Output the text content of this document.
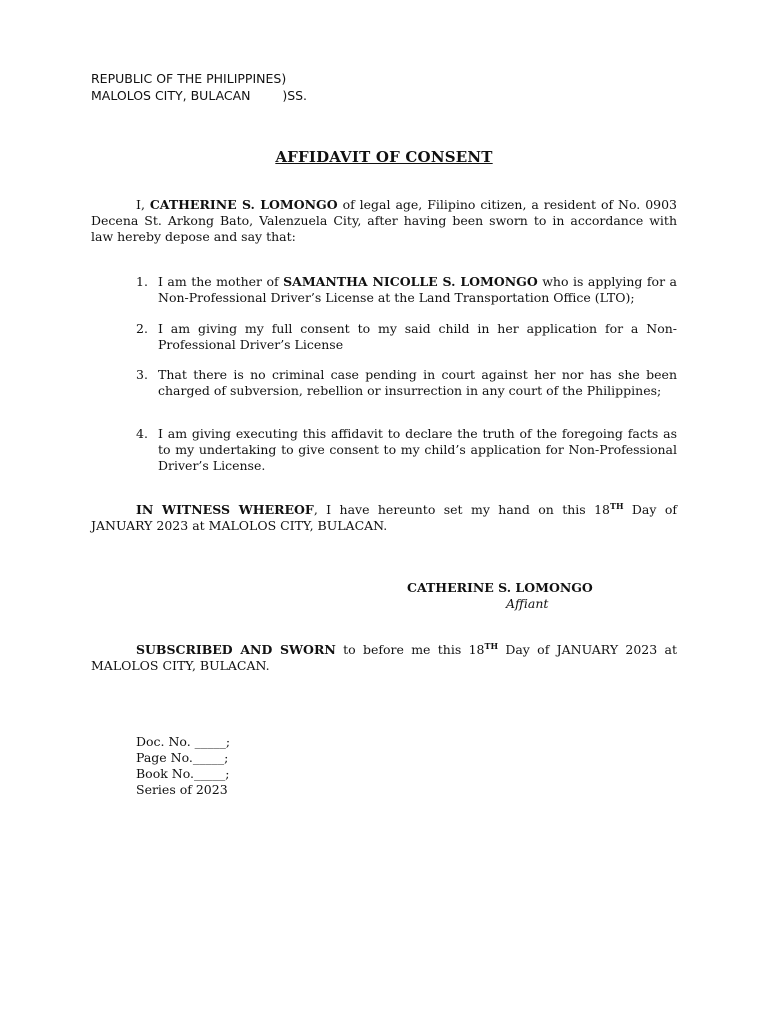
REPUBLIC OF THE PHILIPPINES)
MALOLOS CITY, BULACAN        )SS.
AFFIDAVIT OF CONSENT
I, CATHERINE S. LOMONGO of legal age, Filipino citizen, a resident of No. 0903 Decena St. Arkong Bato, Valenzuela City, after having been sworn to in accordance with law hereby depose and say that:
1. I am the mother of SAMANTHA NICOLLE S. LOMONGO who is applying for a Non-Professional Driver’s License at the Land Transportation Office (LTO);
2. I am giving my full consent to my said child in her application for a Non-Professional Driver’s License
3. That there is no criminal case pending in court against her nor has she been charged of subversion, rebellion or insurrection in any court of the Philippines;
4. I am giving executing this affidavit to declare the truth of the foregoing facts as to my undertaking to give consent to my child’s application for Non-Professional Driver’s License.
IN WITNESS WHEREOF, I have hereunto set my hand on this 18TH Day of JANUARY 2023 at MALOLOS CITY, BULACAN.
CATHERINE S. LOMONGO
Affiant
SUBSCRIBED AND SWORN to before me this 18TH Day of JANUARY 2023 at MALOLOS CITY, BULACAN.
Doc. No. _____;
Page No._____;
Book No._____;
Series of 2023
